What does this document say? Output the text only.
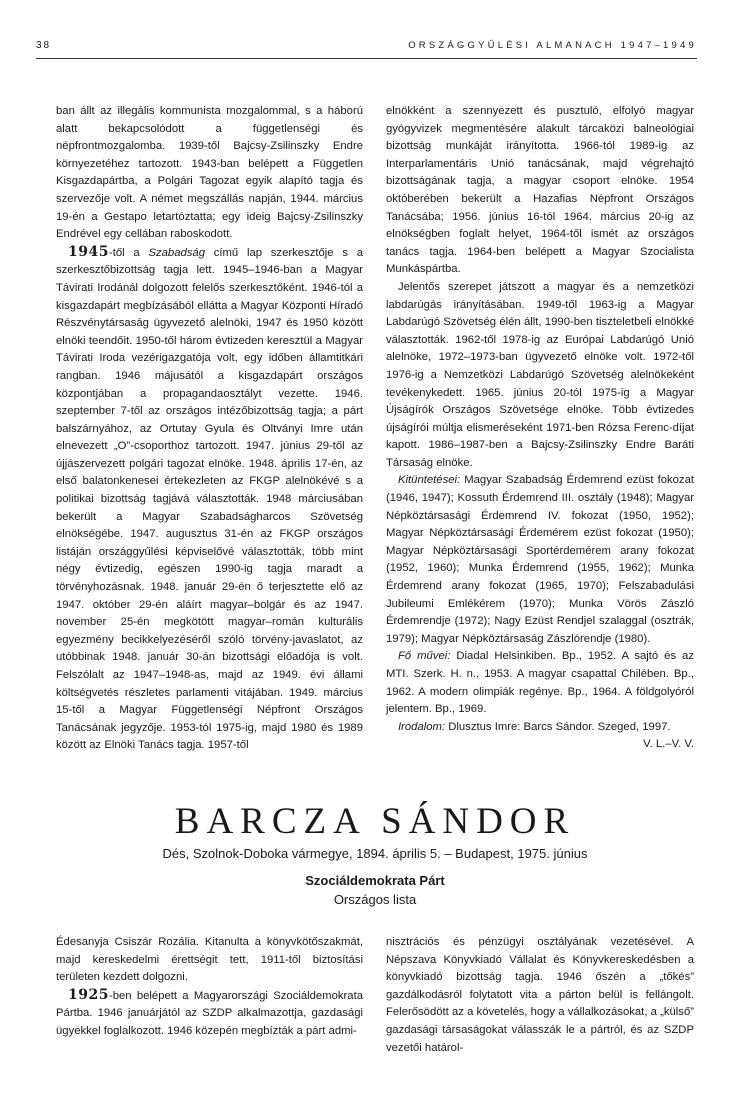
38	ORSZÁGGYŰLÉSI ALMANACH 1947–1949

ban állt az illegális kommunista mozgalommal, s a háború alatt bekapcsolódott a függetlenségi és népfrontmozgalomba. 1939-től Bajcsy-Zsilinszky Endre környezetéhez tartozott. 1943-ban belépett a Független Kisgazdapártba, a Polgári Tagozat egyik alapító tagja és szervezője volt. A német megszállás napján, 1944. március 19-én a Gestapo letartóztatta; egy ideig Bajcsy-Zsilinszky Endrével egy cellában raboskodott.

1945-től a Szabadság című lap szerkesztője s a szerkesztőbizottság tagja lett. 1945–1946-ban a Magyar Távirati Irodánál dolgozott felelős szerkesztőként. 1946-tól a kisgazdapárt megbízásából ellátta a Magyar Központi Híradó Részvénytársaság ügyvezető alelnöki, 1947 és 1950 között elnöki teendőit. 1950-től három évtizeden keresztül a Magyar Távirati Iroda vezérigazgatója volt, egy időben államtitkári rangban. 1946 májusától a kisgazdapárt országos központjában a propagandaosztályt vezette. 1946. szeptember 7-től az országos intézőbizottság tagja; a párt balszárnyához, az Ortutay Gyula és Oltványi Imre után elnevezett „O”-csoporthoz tartozott. 1947. június 29-től az újjászervezett polgári tagozat elnöke. 1948. április 17-én, az első balatonkenesei értekezleten az FKGP alelnökévé s a politikai bizottság tagjává választották. 1948 márciusában bekerült a Magyar Szabadságharcos Szövetség elnökségébe. 1947. augusztus 31-én az FKGP országos listáján országgyűlési képviselővé választották, több mint négy évtizedig, egészen 1990-ig tagja maradt a törvényhozásnak. 1948. január 29-én ő terjesztette elő az 1947. október 29-én aláírt magyar–bolgár és az 1947. november 25-én megkötött magyar–román kulturális egyezmény becikkelyezéséről szóló törvény-javaslatot, az utóbbinak 1948. január 30-án bizottsági előadója is volt. Felszólalt az 1947–1948-as, majd az 1949. évi állami költségvetés részletes parlamenti vitájában. 1949. március 15-től a Magyar Függetlenségi Népfront Országos Tanácsának jegyzője. 1953-tól 1975-ig, majd 1980 és 1989 között az Elnöki Tanács tagja. 1957-től

elnökként a szennyezett és pusztuló, elfolyó magyar gyógyvizek megmentésére alakult tárcaközi balneológiai bizottság munkáját irányította. 1966-tól 1989-ig az Interparlamentáris Unió tanácsának, majd végrehajtó bizottságának tagja, a magyar csoport elnöke. 1954 októberében bekerült a Hazafias Népfront Országos Tanácsába; 1956. június 16-tól 1964. március 20-ig az elnökségben foglalt helyet, 1964-től ismét az országos tanács tagja. 1964-ben belépett a Magyar Szocialista Munkáspártba.

Jelentős szerepet játszott a magyar és a nemzetközi labdarúgás irányításában. 1949-től 1963-ig a Magyar Labdarúgó Szövetség élén állt, 1990-ben tiszteletbeli elnökké választották. 1962-től 1978-ig az Európai Labdarúgó Unió alelnöke, 1972–1973-ban ügyvezető elnöke volt. 1972-től 1976-ig a Nemzetközi Labdarúgó Szövetség alelnökeként tevékenykedett. 1965. június 20-tól 1975-ig a Magyar Újságírók Országos Szövetsége elnöke. Több évtizedes újságírói múltja elismeréseként 1971-ben Rózsa Ferenc-díjat kapott. 1986–1987-ben a Bajcsy-Zsilinszky Endre Baráti Társaság elnöke.

Kitüntetései: Magyar Szabadság Érdemrend ezüst fokozat (1946, 1947); Kossuth Érdemrend III. osztály (1948); Magyar Népköztársasági Érdemrend IV. fokozat (1950, 1952); Magyar Népköztársasági Érdemérem ezüst fokozat (1950); Magyar Népköztársasági Sportérdemérem arany fokozat (1952, 1960); Munka Érdemrend (1955, 1962); Munka Érdemrend arany fokozat (1965, 1970); Felszabadulási Jubileumi Emlékérem (1970); Munka Vörös Zászló Érdemrendje (1972); Nagy Ezüst Rendjel szalaggal (osztrák, 1979); Magyar Népköztársaság Zászlórendje (1980).

Fő művei: Diadal Helsinkiben. Bp., 1952. A sajtó és az MTI. Szerk. H. n., 1953. A magyar csapattal Chilében. Bp., 1962. A modern olimpiák regénye. Bp., 1964. A földgolyóról jelentem. Bp., 1969.

Irodalom: Dlusztus Imre: Barcs Sándor. Szeged, 1997.

V. L.–V. V.

BARCZA SÁNDOR
Dés, Szolnok-Doboka vármegye, 1894. április 5. – Budapest, 1975. június
Szociáldemokrata Párt
Országos lista

Édesanyja Csiszár Rozália. Kitanulta a könyvkötőszakmát, majd kereskedelmi érettségit tett, 1911-től biztosítási területen kezdett dolgozni.

1925-ben belépett a Magyarországi Szociáldemokrata Pártba. 1946 januárjától az SZDP alkalmazottja, gazdasági ügyekkel foglalkozott. 1946 közepén megbízták a párt admi-

nisztrációs és pénzügyi osztályának vezetésével. A Népszava Könyvkiadó Vállalat és Könyvkereskedésben a könyvkiadó bizottság tagja. 1946 őszén a „tőkés” gazdálkodásról folytatott vita a párton belül is fellángolt. Felerősödött az a követelés, hogy a vállalkozásokat, a „külső” gazdasági társaságokat válasszák le a pártról, és az SZDP vezetői határol-
